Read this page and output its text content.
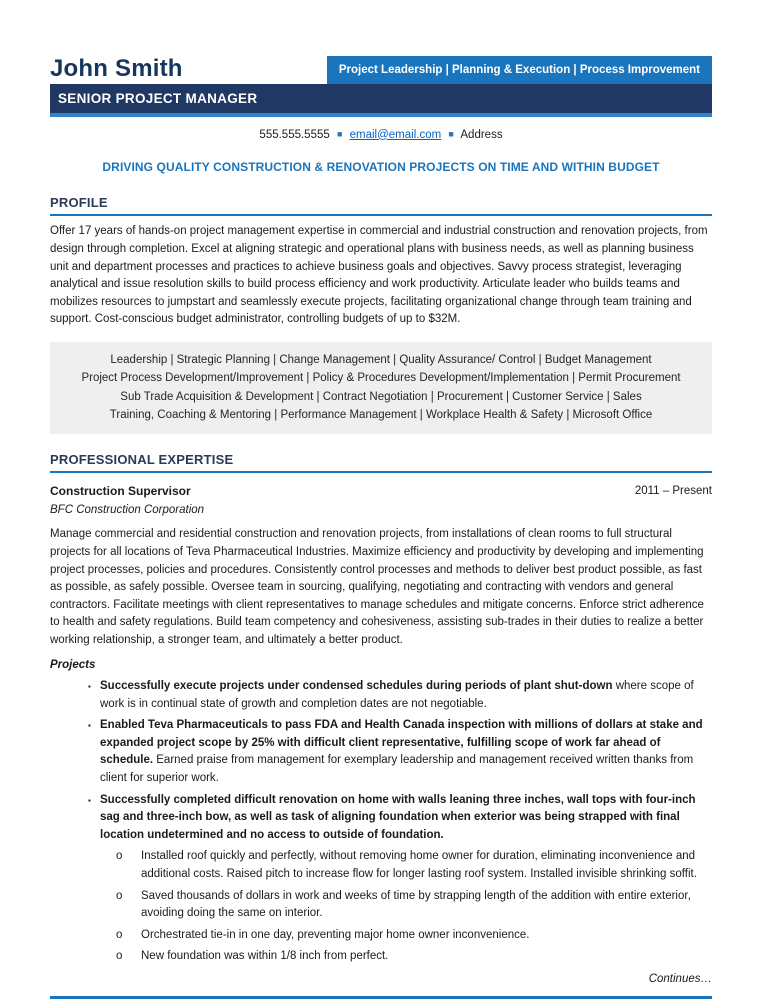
John Smith	Project Leadership | Planning & Execution | Process Improvement
SENIOR PROJECT MANAGER
555.555.5555 ■ email@email.com ■ Address
DRIVING QUALITY CONSTRUCTION & RENOVATION PROJECTS ON TIME AND WITHIN BUDGET
PROFILE
Offer 17 years of hands-on project management expertise in commercial and industrial construction and renovation projects, from design through completion. Excel at aligning strategic and operational plans with business needs, as well as planning business unit and department processes and practices to achieve business goals and objectives. Savvy process strategist, leveraging analytical and issue resolution skills to build process efficiency and work productivity. Articulate leader who builds teams and mobilizes resources to jumpstart and seamlessly execute projects, facilitating organizational change through team training and support. Cost-conscious budget administrator, controlling budgets of up to $32M.
Leadership | Strategic Planning | Change Management | Quality Assurance/ Control | Budget Management
Project Process Development/Improvement | Policy & Procedures Development/Implementation | Permit Procurement
Sub Trade Acquisition & Development | Contract Negotiation | Procurement | Customer Service | Sales
Training, Coaching & Mentoring | Performance Management | Workplace Health & Safety | Microsoft Office
PROFESSIONAL EXPERTISE
Construction Supervisor	2011 – Present
BFC Construction Corporation
Manage commercial and residential construction and renovation projects, from installations of clean rooms to full structural projects for all locations of Teva Pharmaceutical Industries. Maximize efficiency and productivity by developing and implementing project processes, policies and procedures. Consistently control processes and methods to deliver best product possible, as fast as possible, as safely possible. Oversee team in sourcing, qualifying, negotiating and contracting with vendors and general contractors. Facilitate meetings with client representatives to manage schedules and mitigate concerns. Enforce strict adherence to health and safety regulations. Build team competency and cohesiveness, assisting sub-trades in their duties to realize a better working relationship, a stronger team, and ultimately a better product.
Projects
▪ Successfully execute projects under condensed schedules during periods of plant shut-down where scope of work is in continual state of growth and completion dates are not negotiable.
▪ Enabled Teva Pharmaceuticals to pass FDA and Health Canada inspection with millions of dollars at stake and expanded project scope by 25% with difficult client representative, fulfilling scope of work far ahead of schedule. Earned praise from management for exemplary leadership and management received written thanks from client for superior work.
▪ Successfully completed difficult renovation on home with walls leaning three inches, wall tops with four-inch sag and three-inch bow, as well as task of aligning foundation when exterior was being strapped with final location undetermined and no access to outside of foundation.
o	Installed roof quickly and perfectly, without removing home owner for duration, eliminating inconvenience and additional costs. Raised pitch to increase flow for longer lasting roof system. Installed invisible shrinking soffit.
o	Saved thousands of dollars in work and weeks of time by strapping length of the addition with entire exterior, avoiding doing the same on interior.
o	Orchestrated tie-in in one day, preventing major home owner inconvenience.
o	New foundation was within 1/8 inch from perfect.
Continues…
